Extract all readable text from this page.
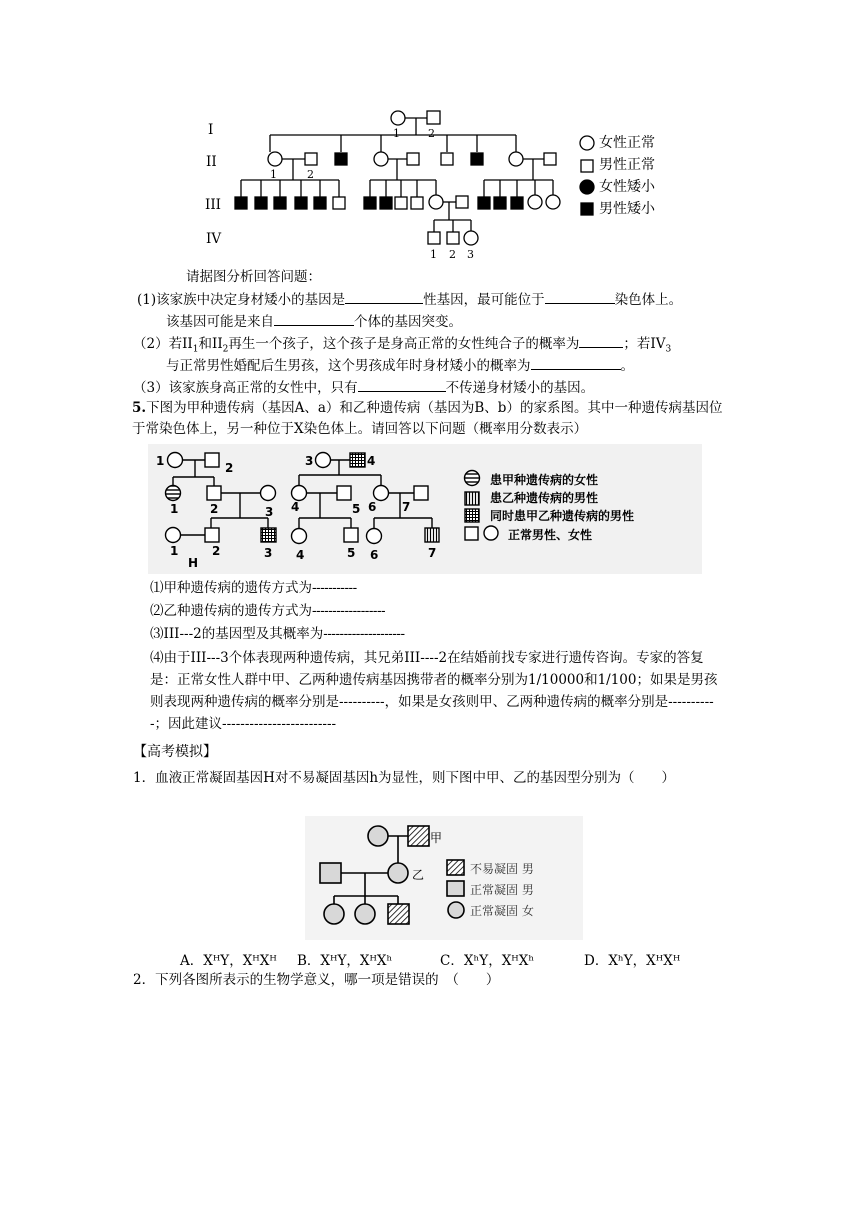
I
II
III
IV
1	2
1	2
1 2 3
女性正常
男性正常
女性矮小
男性矮小
请据图分析回答问题：
(1)该家族中决定身材矮小的基因是	性基因，最可能位于	染色体上。
该基因可能是来自	个体的基因突变。
（2）若$II_1$和$II_2$再生一个孩子，这个孩子是身高正常的女性纯合子的概率为	；若$IV_3$
与正常男性婚配后生男孩，这个男孩成年时身材矮小的概率为	。
（3）该家族身高正常的女性中，只有	不传递身材矮小的基因。
5.下图为甲种遗传病（基因A、a）和乙种遗传病（基因为B、b）的家系图。其中一种遗传病基因位于常染色体上，另一种位于X染色体上。请回答以下问题（概率用分数表示）
1	2	3	4
1	2	3 4	5 6 7
1	2	3 4	5 6	7
H
患甲种遗传病的女性
患乙种遗传病的男性
同时患甲乙种遗传病的男性
正常男性、女性
⑴甲种遗传病的遗传方式为-----------
⑵乙种遗传病的遗传方式为------------------
⑶III---2的基因型及其概率为--------------------
⑷由于III---3个体表现两种遗传病，其兄弟III----2在结婚前找专家进行遗传咨询。专家的答复是：正常女性人群中甲、乙两种遗传病基因携带者的概率分别为1/10000和1/100；如果是男孩则表现两种遗传病的概率分别是----------，如果是女孩则甲、乙两种遗传病的概率分别是-----------；因此建议-------------------------
【高考模拟】
1．血液正常凝固基因H对不易凝固基因h为显性，则下图中甲、乙的基因型分别为（　　）
甲
乙	不易凝固 男
正常凝固 男
正常凝固 女
A．XᴴY，XᴴXᴴ B．XᴴY，XᴴXʰ	C．XʰY，XᴴXʰ	D．XʰY，XᴴXᴴ
2．下列各图所表示的生物学意义，哪一项是错误的　（　　）
